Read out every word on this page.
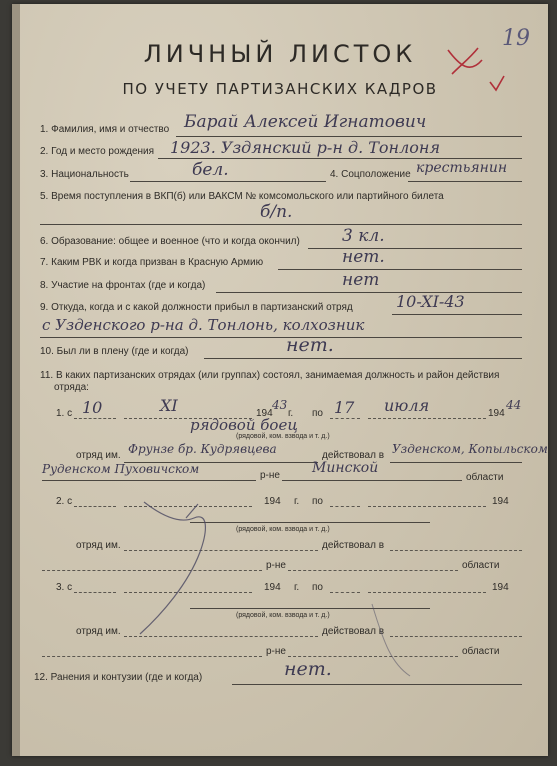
19
ЛИЧНЫЙ ЛИСТОК
ПО УЧЕТУ ПАРТИЗАНСКИХ КАДРОВ
1. Фамилия, имя и отчество Барай Алексей Игнатович
2. Год и место рождения 1923. Уздянский р-н д. Тонлоня
3. Национальность	бел.	4. Соцположение крестьянин
5. Время поступления в ВКП(б) или ВАКСМ № комсомольского или партийного билета
б/п.
6. Образование: общее и военное (что и когда окончил) 3 кл.
7. Каким РВК и когда призван в Красную Армию	нет.
8. Участие на фронтах (где и когда)	нет
9. Откуда, когда и с какой должности прибыл в партизанский отряд	10-XI-43
с Узденского р-на д. Тонлонь, колхозник
10. Был ли в плену (где и когда)	нет.
11. В каких партизанских отрядах (или группах) состоял, занимаемая должность и район действия
отряда:
1. с 10	XI	194
43
г. по 17 июля	194
44
рядовой боец
(рядовой, ком. взвода и т. д.)
отряд им. Фрунзе бр. Кудрявцева	действовал в Узденском, Копыльском
Руденском Пуховичском	р-не Минской
области
2. с	194 г. по	194
(рядовой, ком. взвода и т. д.)
отряд им.	действовал в
р-не	области
3. с	194 г. по	194
(рядовой, ком. взвода и т. д.)
отряд им.	действовал в
р-не	области
12. Ранения и контузии (где и когда)	нет.
